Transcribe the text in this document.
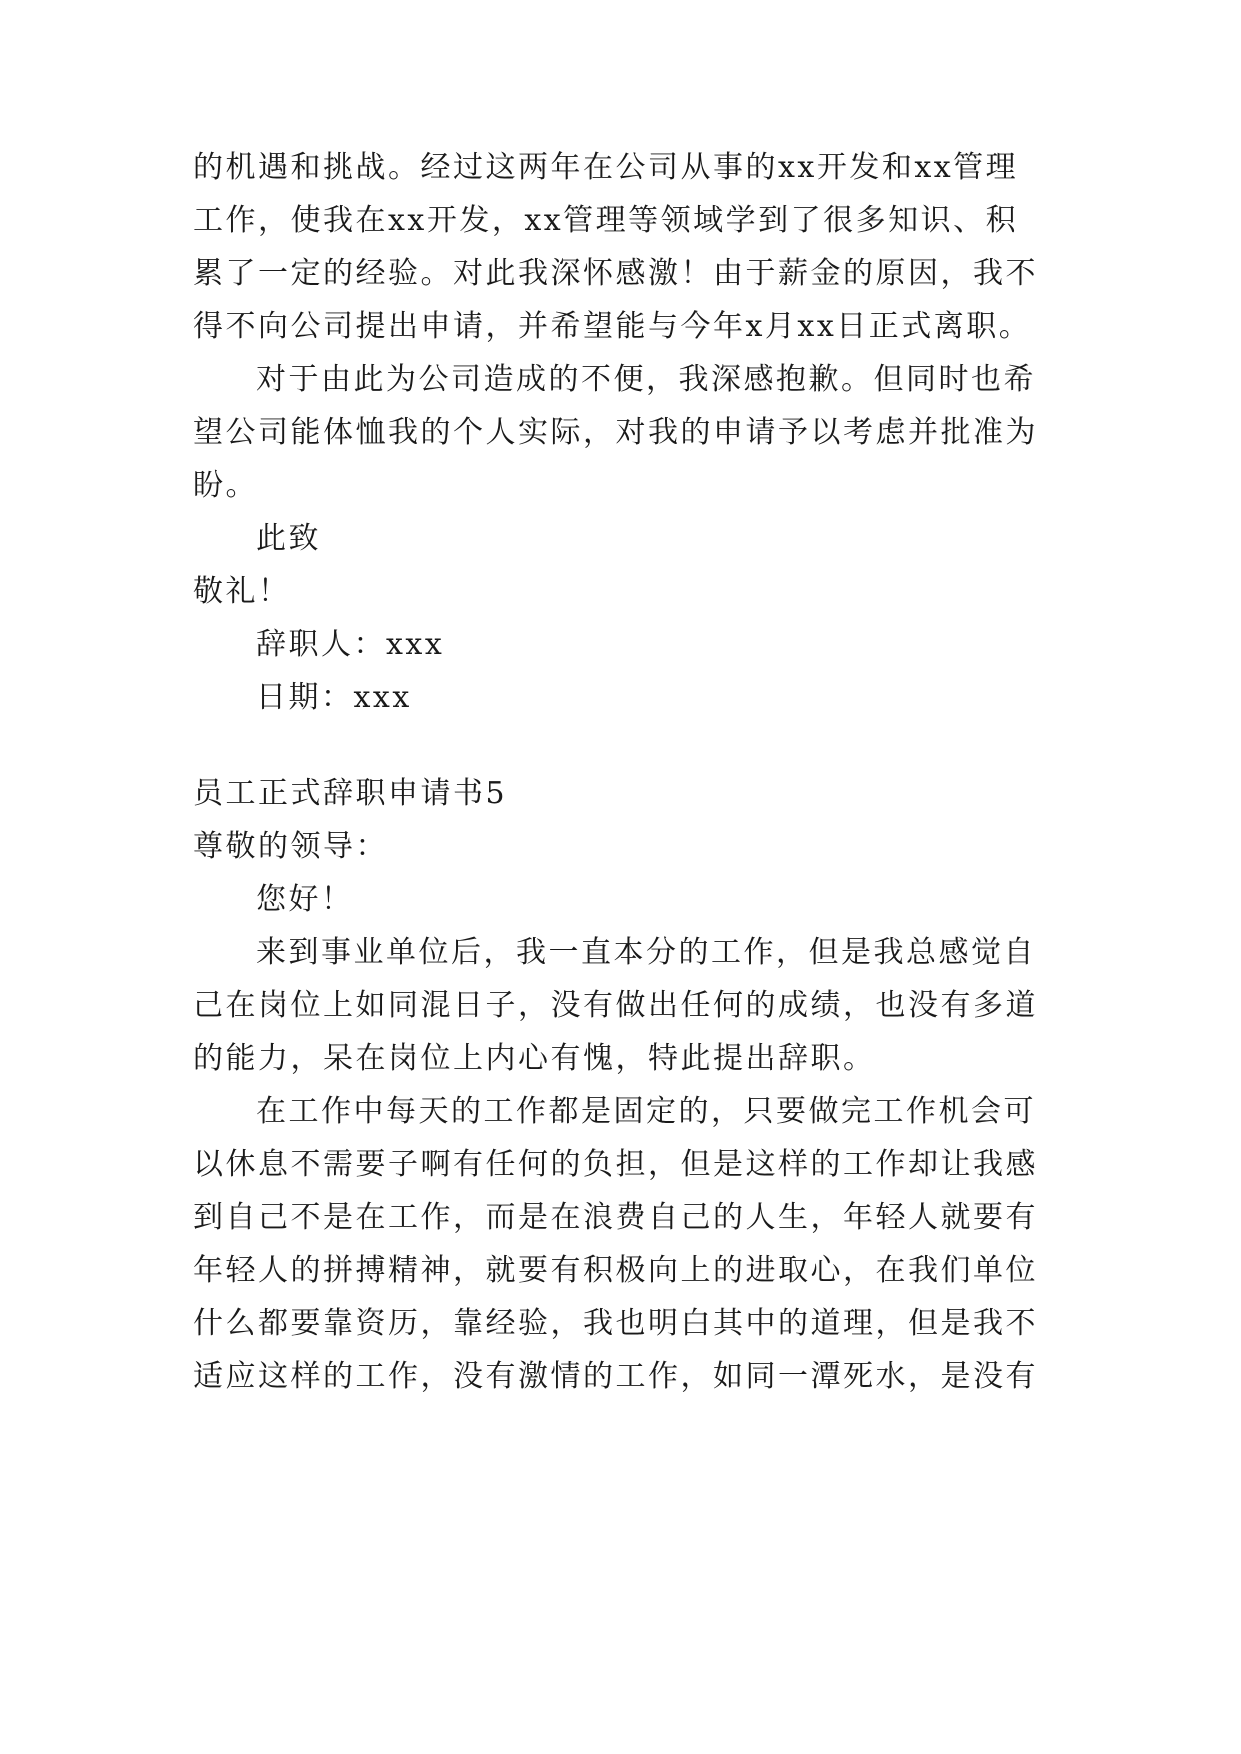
的机遇和挑战。经过这两年在公司从事的xx开发和xx管理

工作，使我在xx开发，xx管理等领域学到了很多知识、积

累了一定的经验。对此我深怀感激！由于薪金的原因，我不

得不向公司提出申请，并希望能与今年x月xx日正式离职。

对于由此为公司造成的不便，我深感抱歉。但同时也希

望公司能体恤我的个人实际，对我的申请予以考虑并批准为

盼。

此致

敬礼！

辞职人：xxx

日期：xxx

员工正式辞职申请书5

尊敬的领导：

您好！

来到事业单位后，我一直本分的工作，但是我总感觉自

己在岗位上如同混日子，没有做出任何的成绩，也没有多道

的能力，呆在岗位上内心有愧，特此提出辞职。

在工作中每天的工作都是固定的，只要做完工作机会可

以休息不需要子啊有任何的负担，但是这样的工作却让我感

到自己不是在工作，而是在浪费自己的人生，年轻人就要有

年轻人的拼搏精神，就要有积极向上的进取心，在我们单位

什么都要靠资历，靠经验，我也明白其中的道理，但是我不

适应这样的工作，没有激情的工作，如同一潭死水，是没有
